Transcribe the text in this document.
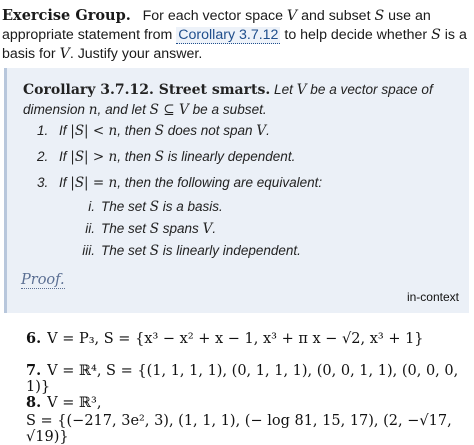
Exercise Group. For each vector space V and subset S use an appropriate statement from Corollary 3.7.12 to help decide whether S is a basis for V. Justify your answer.
Corollary 3.7.12. Street smarts. Let V be a vector space of dimension n, and let S ⊆ V be a subset.
1. If |S| < n, then S does not span V.
2. If |S| > n, then S is linearly dependent.
3. If |S| = n, then the following are equivalent:
i. The set S is a basis.
ii. The set S spans V.
iii. The set S is linearly independent.
Proof.
in-context
6. V = P₃, S = {x³ − x² + x − 1, x³ + π x − √2, x³ + 1}
7. V = ℝ⁴, S = {(1, 1, 1, 1), (0, 1, 1, 1), (0, 0, 1, 1), (0, 0, 0, 1)}
8. V = ℝ³,
S = {(−217, 3e², 3), (1, 1, 1), (− log 81, 15, 17), (2, −√17, √19)}
